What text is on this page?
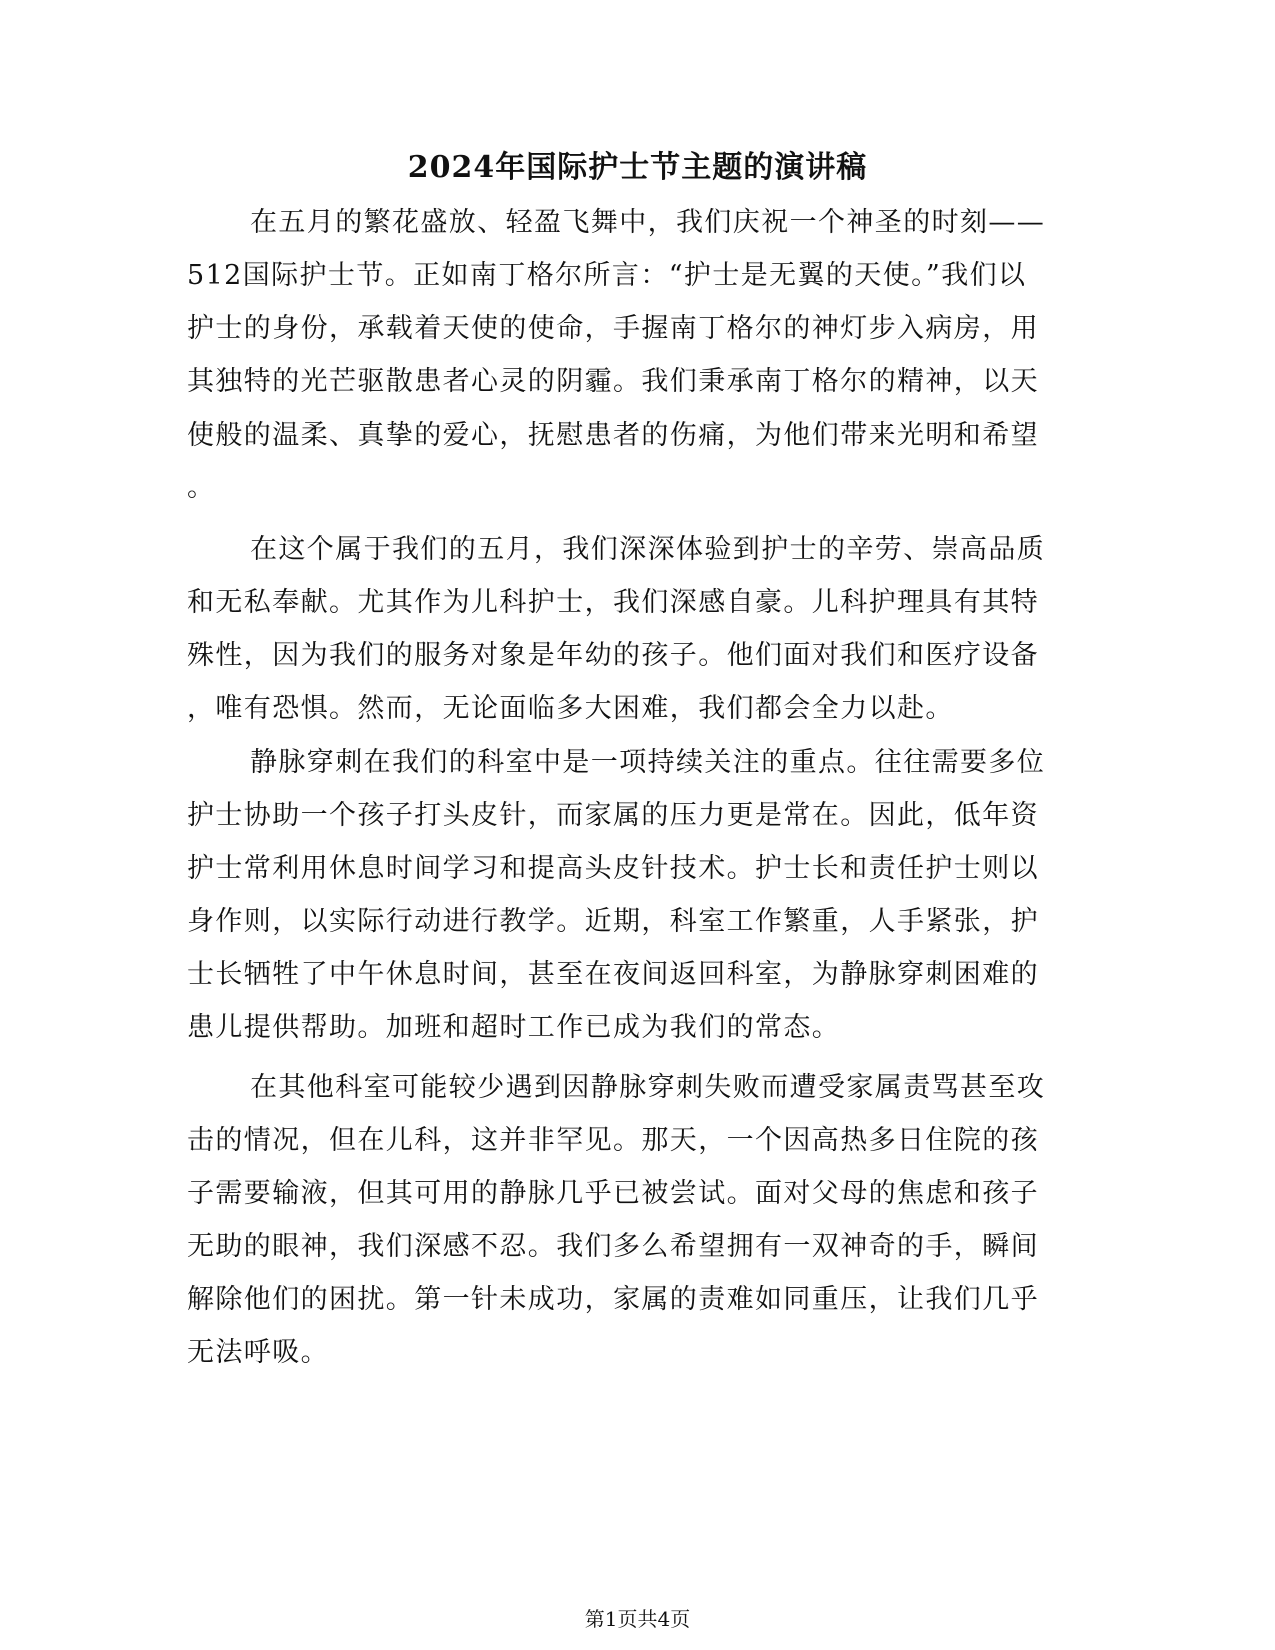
2024年国际护士节主题的演讲稿

在五月的繁花盛放、轻盈飞舞中，我们庆祝一个神圣的时刻——

512国际护士节。正如南丁格尔所言：“护士是无翼的天使。”我们以

护士的身份，承载着天使的使命，手握南丁格尔的神灯步入病房，用

其独特的光芒驱散患者心灵的阴霾。我们秉承南丁格尔的精神，以天

使般的温柔、真挚的爱心，抚慰患者的伤痛，为他们带来光明和希望

。

在这个属于我们的五月，我们深深体验到护士的辛劳、崇高品质

和无私奉献。尤其作为儿科护士，我们深感自豪。儿科护理具有其特

殊性，因为我们的服务对象是年幼的孩子。他们面对我们和医疗设备

，唯有恐惧。然而，无论面临多大困难，我们都会全力以赴。

静脉穿刺在我们的科室中是一项持续关注的重点。往往需要多位

护士协助一个孩子打头皮针，而家属的压力更是常在。因此，低年资

护士常利用休息时间学习和提高头皮针技术。护士长和责任护士则以

身作则，以实际行动进行教学。近期，科室工作繁重，人手紧张，护

士长牺牲了中午休息时间，甚至在夜间返回科室，为静脉穿刺困难的

患儿提供帮助。加班和超时工作已成为我们的常态。

在其他科室可能较少遇到因静脉穿刺失败而遭受家属责骂甚至攻

击的情况，但在儿科，这并非罕见。那天，一个因高热多日住院的孩

子需要输液，但其可用的静脉几乎已被尝试。面对父母的焦虑和孩子

无助的眼神，我们深感不忍。我们多么希望拥有一双神奇的手，瞬间

解除他们的困扰。第一针未成功，家属的责难如同重压，让我们几乎

无法呼吸。

第1页共4页
